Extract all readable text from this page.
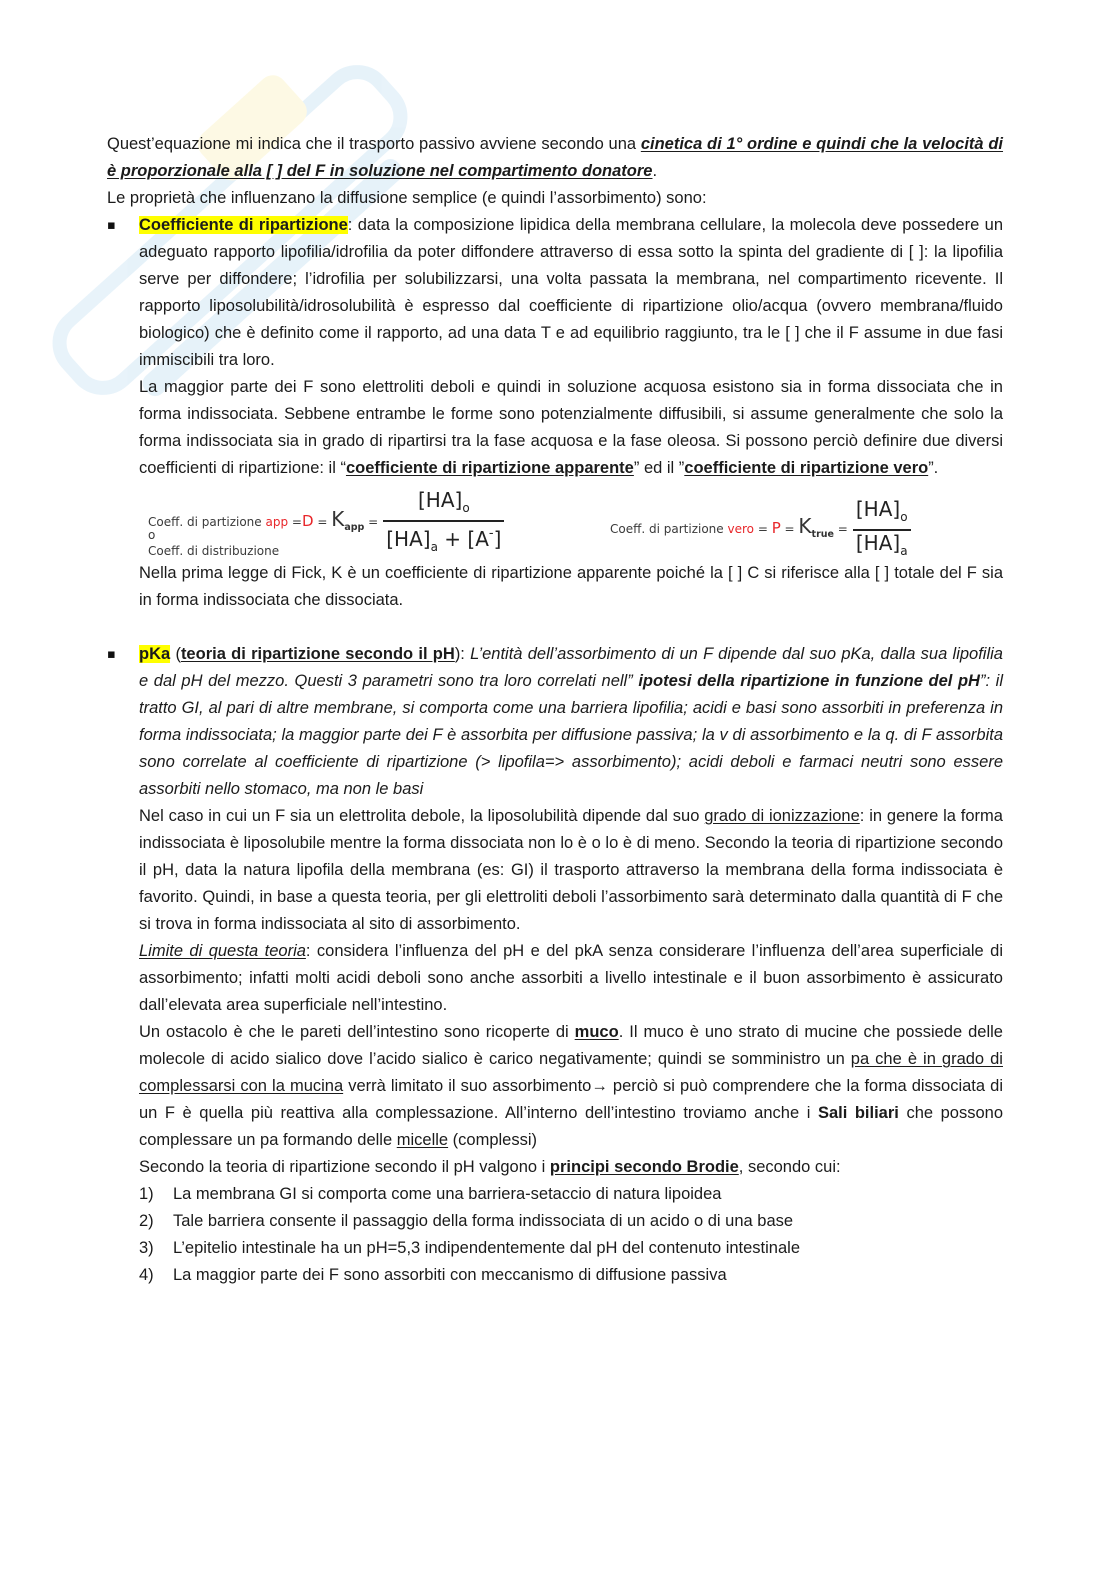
Quest’equazione mi indica che il trasporto passivo avviene secondo una cinetica di 1° ordine e quindi che la velocità di è proporzionale alla [ ] del F in soluzione nel compartimento donatore.

Le proprietà che influenzano la diffusione semplice (e quindi l’assorbimento) sono:

▪ Coefficiente di ripartizione: data la composizione lipidica della membrana cellulare, la molecola deve possedere un adeguato rapporto lipofilia/idrofilia da poter diffondere attraverso di essa sotto la spinta del gradiente di [ ]: la lipofilia serve per diffondere; l’idrofilia per solubilizzarsi, una volta passata la membrana, nel compartimento ricevente. Il rapporto liposolubilità/idrosolubilità è espresso dal coefficiente di ripartizione olio/acqua (ovvero membrana/fluido biologico) che è definito come il rapporto, ad una data T e ad equilibrio raggiunto, tra le [ ] che il F assume in due fasi immiscibili tra loro.

La maggior parte dei F sono elettroliti deboli e quindi in soluzione acquosa esistono sia in forma dissociata che in forma indissociata. Sebbene entrambe le forme sono potenzialmente diffusibili, si assume generalmente che solo la forma indissociata sia in grado di ripartirsi tra la fase acquosa e la fase oleosa. Si possono perciò definire due diversi coefficienti di ripartizione: il “coefficiente di ripartizione apparente” ed il ”coefficiente di ripartizione vero”.

Coeff. di partizione app $=D = K_{app} = \frac{[HA]_o}{[HA]_a + [A^-]}$
o
Coeff. di distribuzione
Coeff. di partizione vero = $P = K_{true} = \frac{[HA]_o}{[HA]_a}$

Nella prima legge di Fick, K è un coefficiente di ripartizione apparente poiché la [ ] C si riferisce alla [ ] totale del F sia in forma indissociata che dissociata.

▪ pKa (teoria di ripartizione secondo il pH): L’entità dell’assorbimento di un F dipende dal suo pKa, dalla sua lipofilia e dal pH del mezzo. Questi 3 parametri sono tra loro correlati nell” ipotesi della ripartizione in funzione del pH”: il tratto GI, al pari di altre membrane, si comporta come una barriera lipofilia; acidi e basi sono assorbiti in preferenza in forma indissociata; la maggior parte dei F è assorbita per diffusione passiva; la v di assorbimento e la q. di F assorbita sono correlate al coefficiente di ripartizione (> lipofila=> assorbimento); acidi deboli e farmaci neutri sono essere assorbiti nello stomaco, ma non le basi

Nel caso in cui un F sia un elettrolita debole, la liposolubilità dipende dal suo grado di ionizzazione: in genere la forma indissociata è liposolubile mentre la forma dissociata non lo è o lo è di meno. Secondo la teoria di ripartizione secondo il pH, data la natura lipofila della membrana (es: GI) il trasporto attraverso la membrana della forma indissociata è favorito. Quindi, in base a questa teoria, per gli elettroliti deboli l’assorbimento sarà determinato dalla quantità di F che si trova in forma indissociata al sito di assorbimento.

Limite di questa teoria: considera l’influenza del pH e del pkA senza considerare l’influenza dell’area superficiale di assorbimento; infatti molti acidi deboli sono anche assorbiti a livello intestinale e il buon assorbimento è assicurato dall’elevata area superficiale nell’intestino.

Un ostacolo è che le pareti dell’intestino sono ricoperte di muco. Il muco è uno strato di mucine che possiede delle molecole di acido sialico dove l’acido sialico è carico negativamente; quindi se somministro un pa che è in grado di complessarsi con la mucina verrà limitato il suo assorbimento→ perciò si può comprendere che la forma dissociata di un F è quella più reattiva alla complessazione. All’interno dell’intestino troviamo anche i Sali biliari che possono complessare un pa formando delle micelle (complessi)

Secondo la teoria di ripartizione secondo il pH valgono i principi secondo Brodie, secondo cui:

1) La membrana GI si comporta come una barriera-setaccio di natura lipoidea
2) Tale barriera consente il passaggio della forma indissociata di un acido o di una base
3) L’epitelio intestinale ha un pH=5,3 indipendentemente dal pH del contenuto intestinale
4) La maggior parte dei F sono assorbiti con meccanismo di diffusione passiva
